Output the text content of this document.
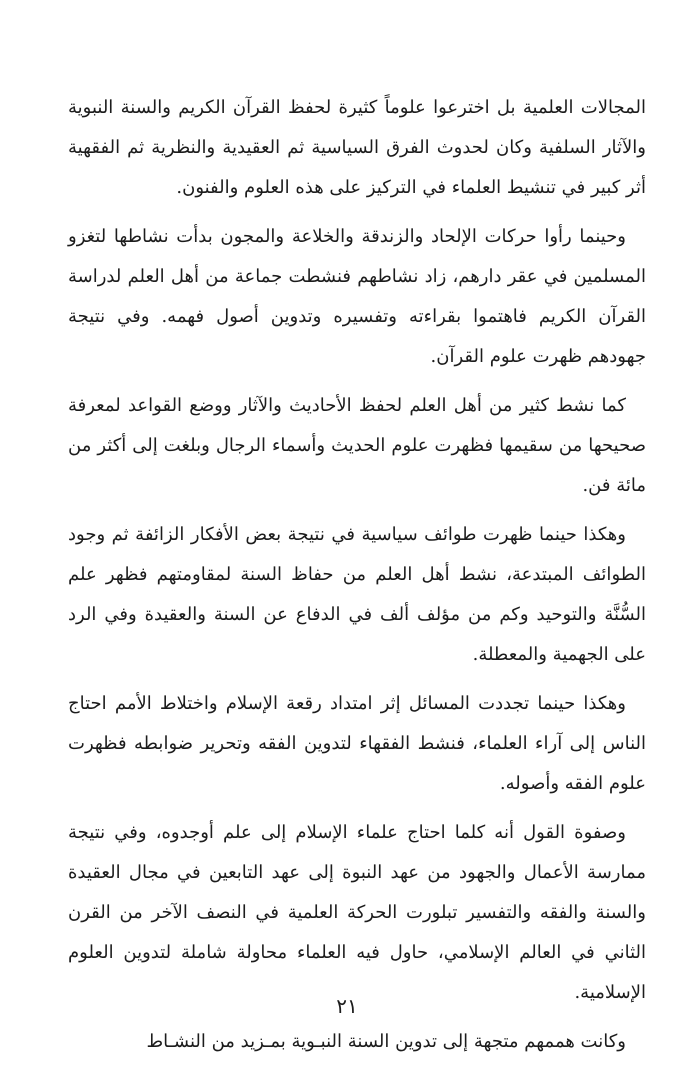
المجالات العلمية بل اخترعوا علوماً كثيرة لحفظ القرآن الكريم والسنة النبوية والآثار السلفية وكان لحدوث الفرق السياسية ثم العقيدية والنظرية ثم الفقهية أثر كبير في تنشيط العلماء في التركيز على هذه العلوم والفنون.

وحينما رأوا حركات الإلحاد والزندقة والخلاعة والمجون بدأت نشاطها لتغزو المسلمين في عقر دارهم، زاد نشاطهم فنشطت جماعة من أهل العلم لدراسة القرآن الكريم فاهتموا بقراءته وتفسيره وتدوين أصول فهمه. وفي نتيجة جهودهم ظهرت علوم القرآن.

كما نشط كثير من أهل العلم لحفظ الأحاديث والآثار ووضع القواعد لمعرفة صحيحها من سقيمها فظهرت علوم الحديث وأسماء الرجال وبلغت إلى أكثر من مائة فن.

وهكذا حينما ظهرت طوائف سياسية في نتيجة بعض الأفكار الزائفة ثم وجود الطوائف المبتدعة، نشط أهل العلم من حفاظ السنة لمقاومتهم فظهر علم السُّنَّة والتوحيد وكم من مؤلف ألف في الدفاع عن السنة والعقيدة وفي الرد على الجهمية والمعطلة.

وهكذا حينما تجددت المسائل إثر امتداد رقعة الإسلام واختلاط الأمم احتاج الناس إلى آراء العلماء، فنشط الفقهاء لتدوين الفقه وتحرير ضوابطه فظهرت علوم الفقه وأصوله.

وصفوة القول أنه كلما احتاج علماء الإسلام إلى علم أوجدوه، وفي نتيجة ممارسة الأعمال والجهود من عهد النبوة إلى عهد التابعين في مجال العقيدة والسنة والفقه والتفسير تبلورت الحركة العلمية في النصف الآخر من القرن الثاني في العالم الإسلامي، حاول فيه العلماء محاولة شاملة لتدوين العلوم الإسلامية.

وكانت هممهم متجهة إلى تدوين السنة النبـوية بمـزيد من النشـاط

٢١
